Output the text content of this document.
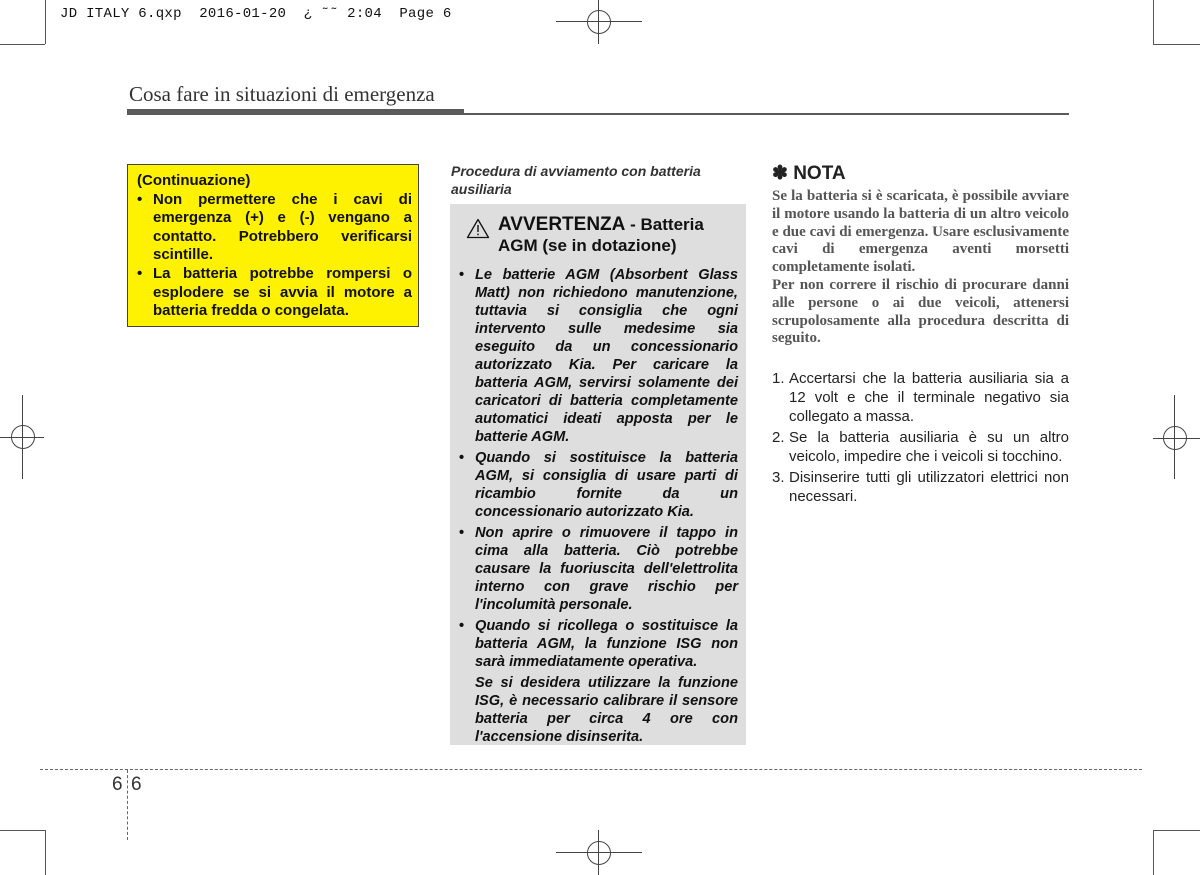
JD ITALY 6.qxp  2016-01-20  ¿ ˜˜ 2:04  Page 6
Cosa fare in situazioni di emergenza
(Continuazione)
• Non permettere che i cavi di emergenza (+) e (-) vengano a contatto. Potrebbero verificarsi scintille.
• La batteria potrebbe rompersi o esplodere se si avvia il motore a batteria fredda o congelata.
Procedura di avviamento con batteria ausiliaria
AVVERTENZA - Batteria
AGM (se in dotazione)
• Le batterie AGM (Absorbent Glass Matt) non richiedono manutenzione, tuttavia si consiglia che ogni intervento sulle medesime sia eseguito da un concessionario autorizzato Kia. Per caricare la batteria AGM, servirsi solamente dei caricatori di batteria completamente automatici ideati apposta per le batterie AGM.
• Quando si sostituisce la batteria AGM, si consiglia di usare parti di ricambio fornite da un concessionario autorizzato Kia.
• Non aprire o rimuovere il tappo in cima alla batteria. Ciò potrebbe causare la fuoriuscita dell'elettrolita interno con grave rischio per l'incolumità personale.
• Quando si ricollega o sostituisce la batteria AGM, la funzione ISG non sarà immediatamente operativa.
Se si desidera utilizzare la funzione ISG, è necessario calibrare il sensore batteria per circa 4 ore con l'accensione disinserita.
✽ NOTA
Se la batteria si è scaricata, è possibile avviare il motore usando la batteria di un altro veicolo e due cavi di emergenza. Usare esclusivamente cavi di emergenza aventi morsetti completamente isolati.
Per non correre il rischio di procurare danni alle persone o ai due veicoli, attenersi scrupolosamente alla procedura descritta di seguito.
1. Accertarsi che la batteria ausiliaria sia a 12 volt e che il terminale negativo sia collegato a massa.
2. Se la batteria ausiliaria è su un altro veicolo, impedire che i veicoli si tocchino.
3. Disinserire tutti gli utilizzatori elettrici non necessari.
6 6
